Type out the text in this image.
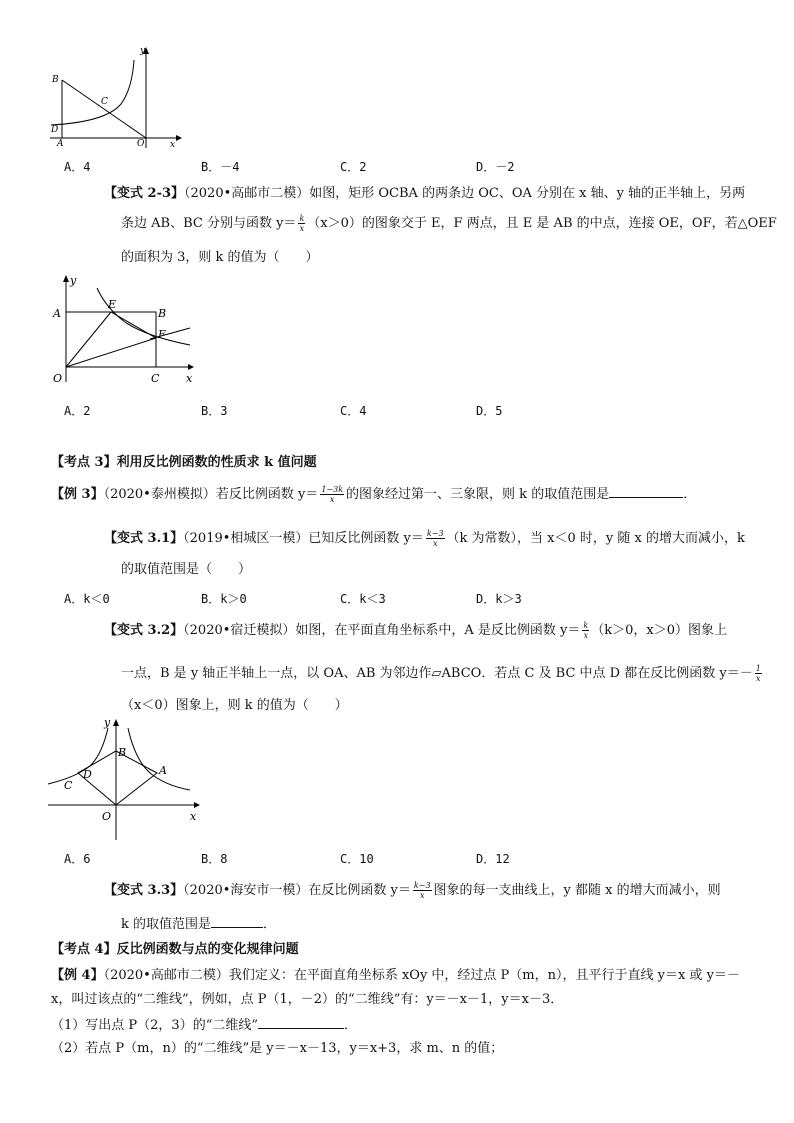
y
B
C
D
A	O	x
A．4	B．－4	C．2	D．－2
【变式 2-3】（2020•高邮市二模）如图，矩形 OCBA 的两条边 OC、OA 分别在 x 轴、y 轴的正半轴上，另两
条边 AB、BC 分别与函数 $y= \frac{k}{x} (x>0)$的图象交于 E，F 两点，且 E 是 AB 的中点，连接 OE，OF，若△OEF
的面积为 3，则 k 的值为（　　）
y
A
E
B
F
O	C x
A．2	B．3	C．4	D．5
【考点 3】利用反比例函数的性质求 k 值问题
【例 3】（2020•泰州模拟）若反比例函数 $y= \frac{1-3k}{x}$ 的图象经过第一、三象限，则 k 的取值范围是	．
【变式 3.1】（2019•相城区一模）已知反比例函数 $y= \frac{k-3}{x} (k$ 为常数），当 x＜0 时，y 随 x 的增大而减小，k
的取值范围是（　　）
A．k＜0	B．k＞0	C．k＜3	D．k＞3
【变式 3.2】（2020•宿迁模拟）如图，在平面直角坐标系中，A 是反比例函数 $y= \frac{k}{x} (k>0$，x＞0）图象上
一点，B 是 y 轴正半轴上一点，以 OA、AB 为邻边作▱ABCO．若点 C 及 BC 中点 D 都在反比例函数 $y=- \frac{1}{x}$
（x＜0）图象上，则 k 的值为（　　）
y
B
A
C
D
O	x
A．6	B．8	C．10	D．12
【变式 3.3】（2020•海安市一模）在反比例函数 $y= \frac{k-3}{x}$ 图象的每一支曲线上，y 都随 x 的增大而减小，则
k 的取值范围是	．
【考点 4】反比例函数与点的变化规律问题
【例 4】（2020•高邮市二模）我们定义：在平面直角坐标系 xOy 中，经过点 P（m，n），且平行于直线 y＝x 或 y＝－
x，叫过该点的“二维线”，例如，点 P（1，－2）的“二维线”有：y＝－x－1，y＝x－3．
（1）写出点 P（2，3）的“二维线”	．
（2）若点 P（m，n）的“二维线”是 y＝－x－13，y＝x+3，求 m、n 的值；
